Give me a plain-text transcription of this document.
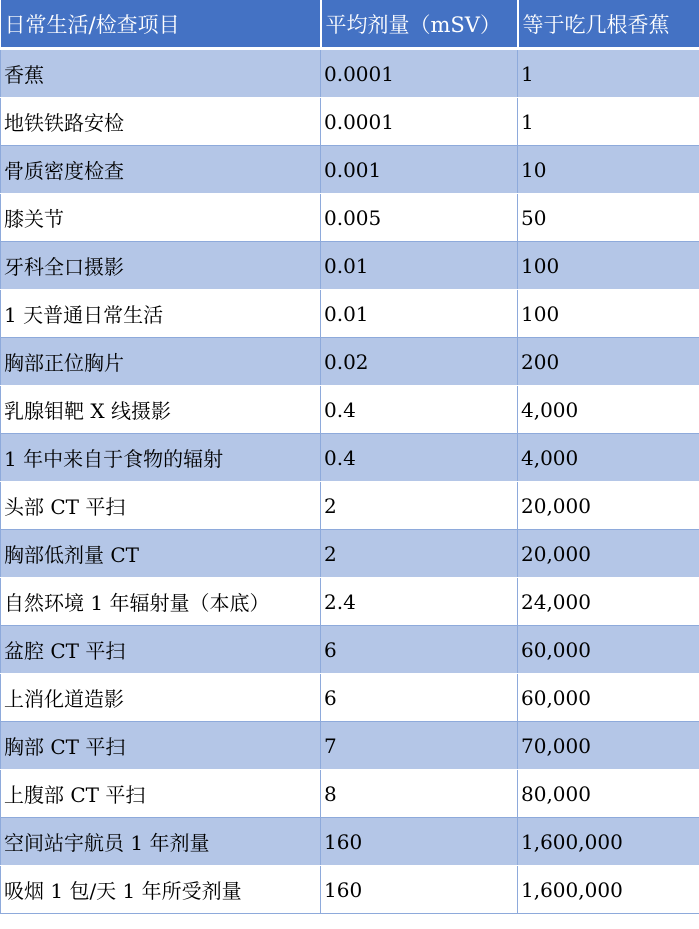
日常生活/检查项目	平均剂量（mSV）	等于吃几根香蕉
香蕉	0.0001	1
地铁铁路安检	0.0001	1
骨质密度检查	0.001	10
膝关节	0.005	50
牙科全口摄影	0.01	100
1 天普通日常生活	0.01	100
胸部正位胸片	0.02	200
乳腺钼靶 X 线摄影	0.4	4,000
1 年中来自于食物的辐射	0.4	4,000
头部 CT 平扫	2	20,000
胸部低剂量 CT	2	20,000
自然环境 1 年辐射量（本底）	2.4	24,000
盆腔 CT 平扫	6	60,000
上消化道造影	6	60,000
胸部 CT 平扫	7	70,000
上腹部 CT 平扫	8	80,000
空间站宇航员 1 年剂量	160	1,600,000
吸烟 1 包/天 1 年所受剂量	160	1,600,000
